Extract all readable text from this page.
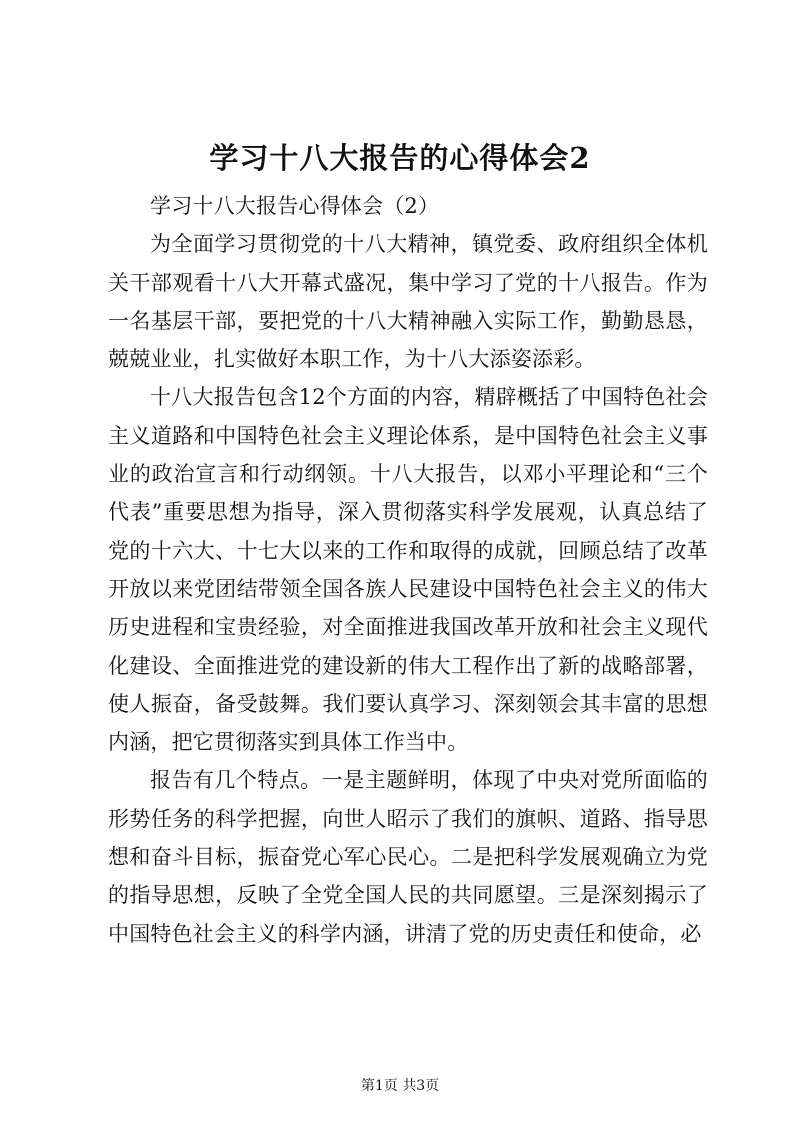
学习十八大报告的心得体会2

学习十八大报告心得体会（2）

为全面学习贯彻党的十八大精神，镇党委、政府组织全体机关干部观看十八大开幕式盛况，集中学习了党的十八报告。作为一名基层干部，要把党的十八大精神融入实际工作，勤勤恳恳，兢兢业业，扎实做好本职工作，为十八大添姿添彩。

十八大报告包含12个方面的内容，精辟概括了中国特色社会主义道路和中国特色社会主义理论体系，是中国特色社会主义事业的政治宣言和行动纲领。十八大报告，以邓小平理论和“三个代表”重要思想为指导，深入贯彻落实科学发展观，认真总结了党的十六大、十七大以来的工作和取得的成就，回顾总结了改革开放以来党团结带领全国各族人民建设中国特色社会主义的伟大历史进程和宝贵经验，对全面推进我国改革开放和社会主义现代化建设、全面推进党的建设新的伟大工程作出了新的战略部署，使人振奋，备受鼓舞。我们要认真学习、深刻领会其丰富的思想内涵，把它贯彻落实到具体工作当中。

报告有几个特点。一是主题鲜明，体现了中央对党所面临的形势任务的科学把握，向世人昭示了我们的旗帜、道路、指导思想和奋斗目标，振奋党心军心民心。二是把科学发展观确立为党的指导思想，反映了全党全国人民的共同愿望。三是深刻揭示了中国特色社会主义的科学内涵，讲清了党的历史责任和使命，必

第1页 共3页
